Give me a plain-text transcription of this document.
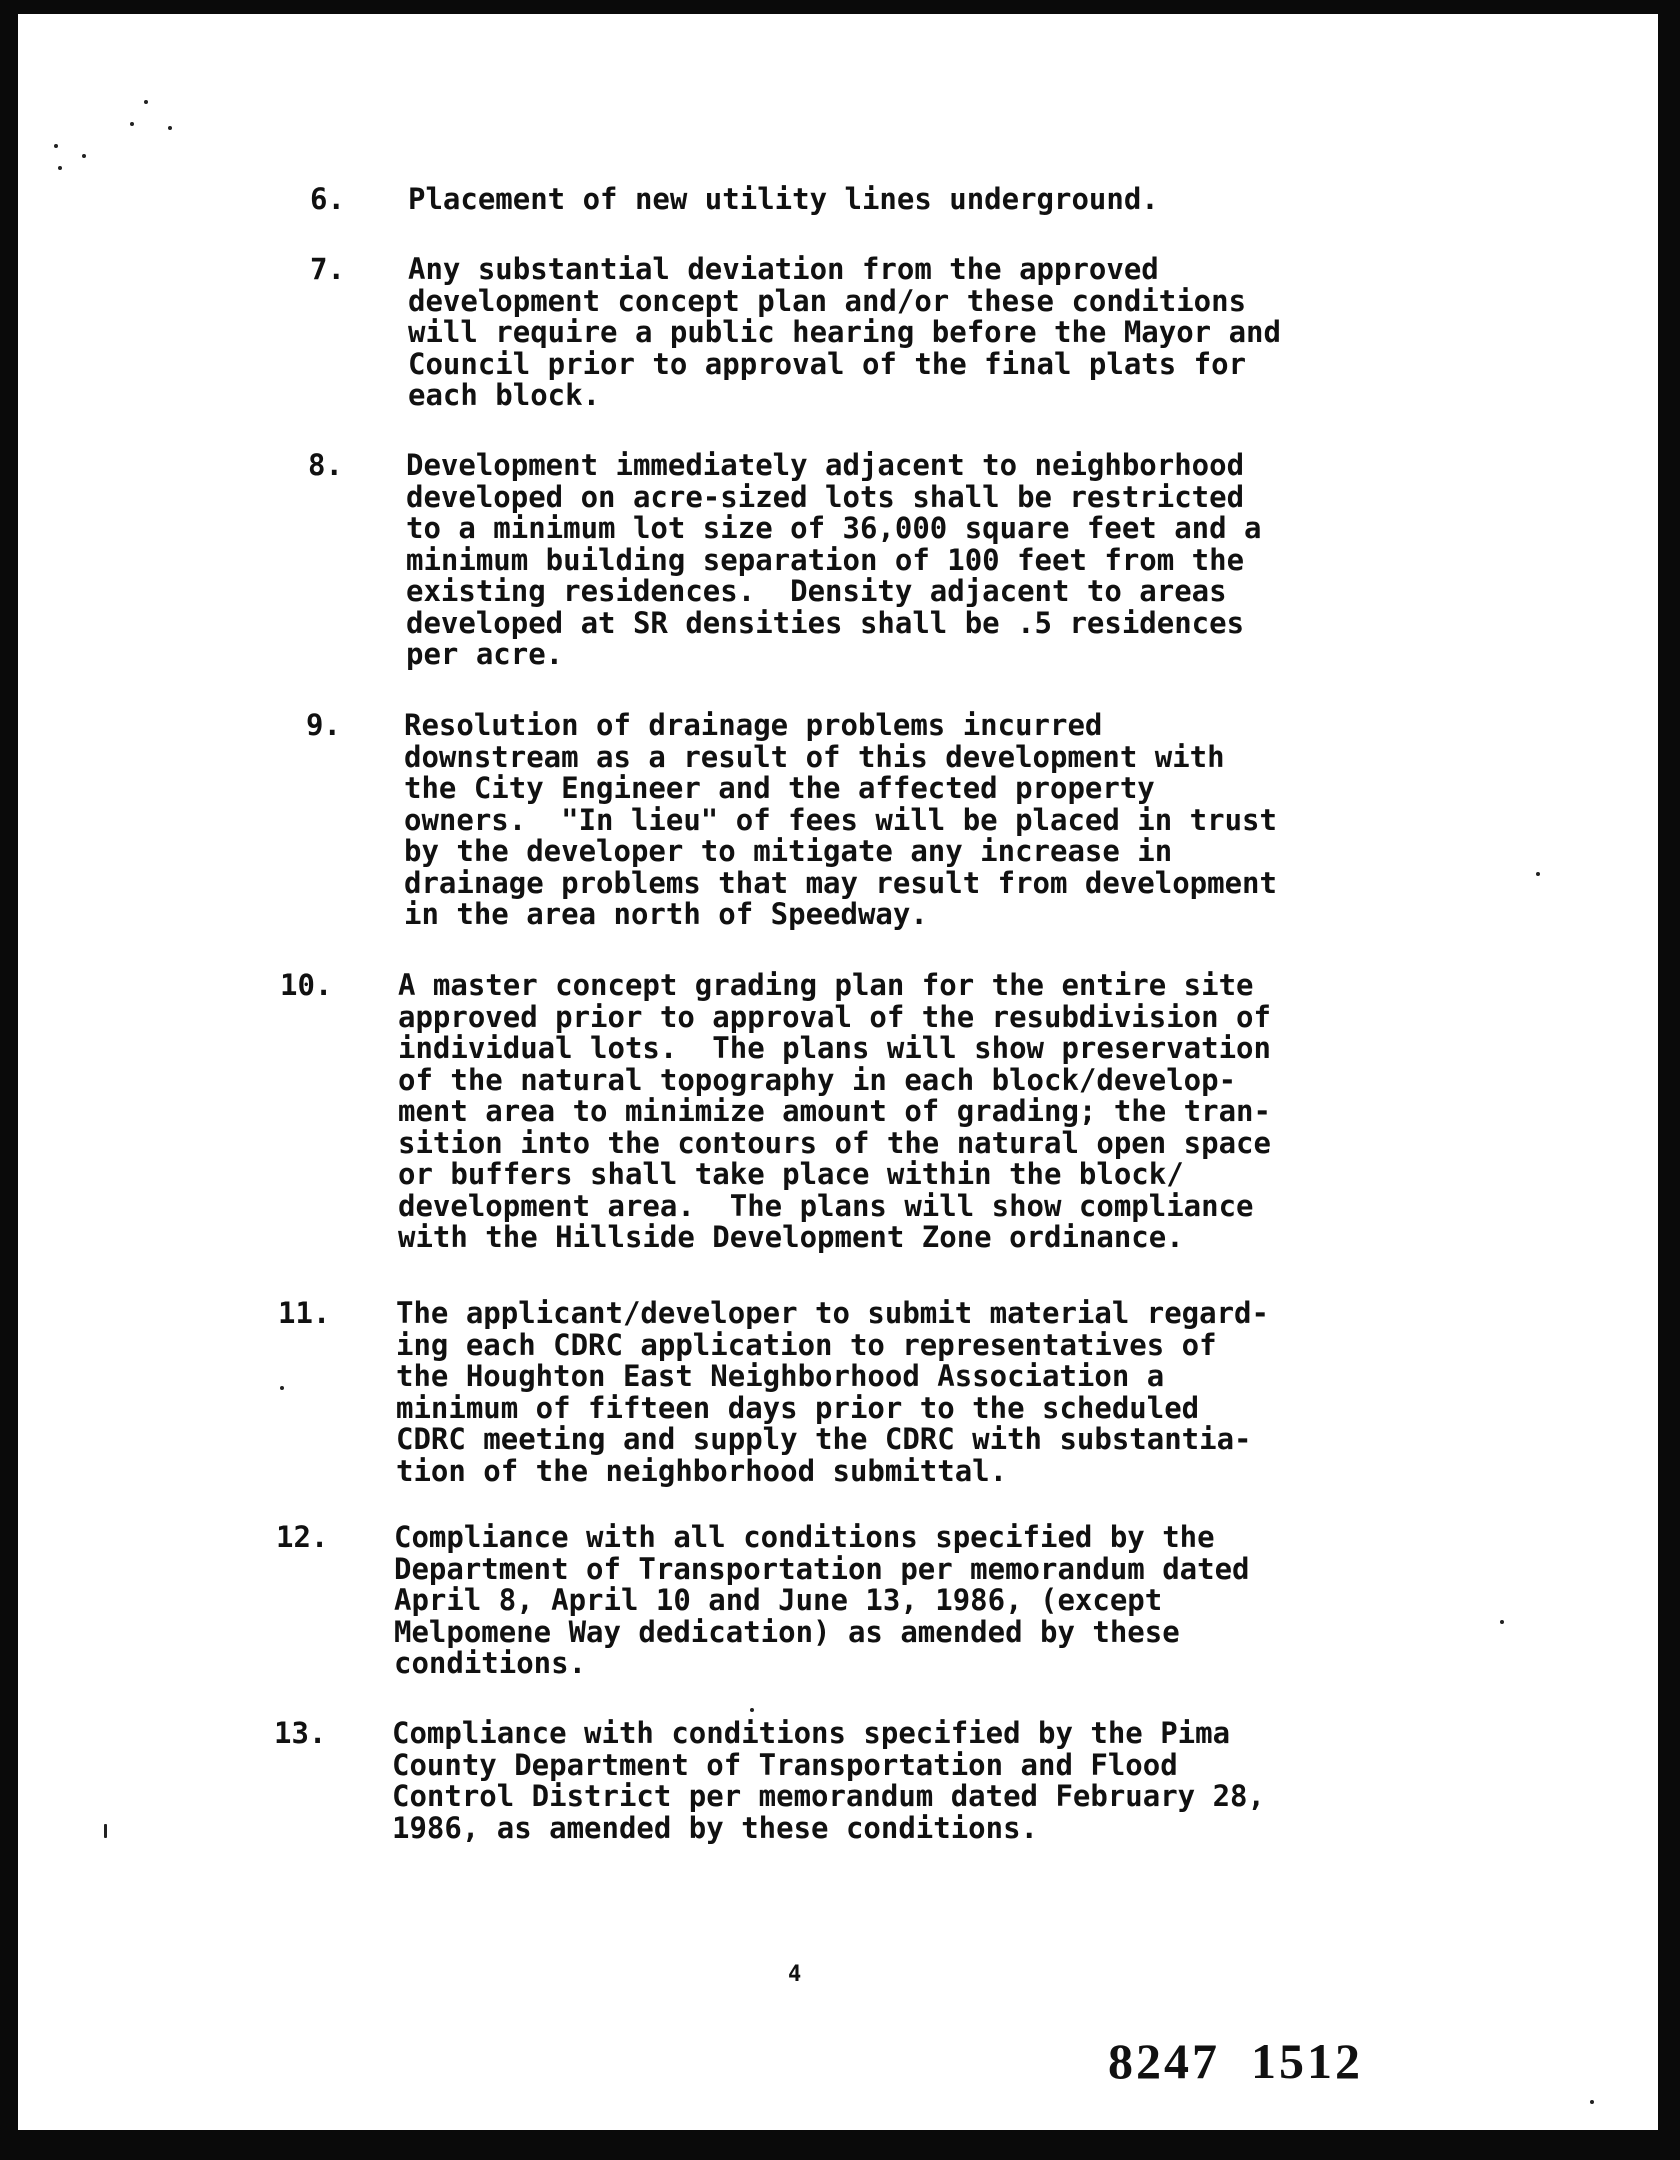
6.	Placement of new utility lines underground.
7.	Any substantial deviation from the approved
development concept plan and/or these conditions
will require a public hearing before the Mayor and
Council prior to approval of the final plats for
each block.
8.	Development immediately adjacent to neighborhood
developed on acre-sized lots shall be restricted
to a minimum lot size of 36,000 square feet and a
minimum building separation of 100 feet from the
existing residences.  Density adjacent to areas
developed at SR densities shall be .5 residences
per acre.
9.	Resolution of drainage problems incurred
downstream as a result of this development with
the City Engineer and the affected property
owners.  "In lieu" of fees will be placed in trust
by the developer to mitigate any increase in
drainage problems that may result from development
in the area north of Speedway.
10.	A master concept grading plan for the entire site
approved prior to approval of the resubdivision of
individual lots.  The plans will show preservation
of the natural topography in each block/develop-
ment area to minimize amount of grading; the tran-
sition into the contours of the natural open space
or buffers shall take place within the block/
development area.  The plans will show compliance
with the Hillside Development Zone ordinance.
11.	The applicant/developer to submit material regard-
ing each CDRC application to representatives of
the Houghton East Neighborhood Association a
minimum of fifteen days prior to the scheduled
CDRC meeting and supply the CDRC with substantia-
tion of the neighborhood submittal.
12.	Compliance with all conditions specified by the
Department of Transportation per memorandum dated
April 8, April 10 and June 13, 1986, (except
Melpomene Way dedication) as amended by these
conditions.
13.	Compliance with conditions specified by the Pima
County Department of Transportation and Flood
Control District per memorandum dated February 28,
1986, as amended by these conditions.
4
8247  1512
